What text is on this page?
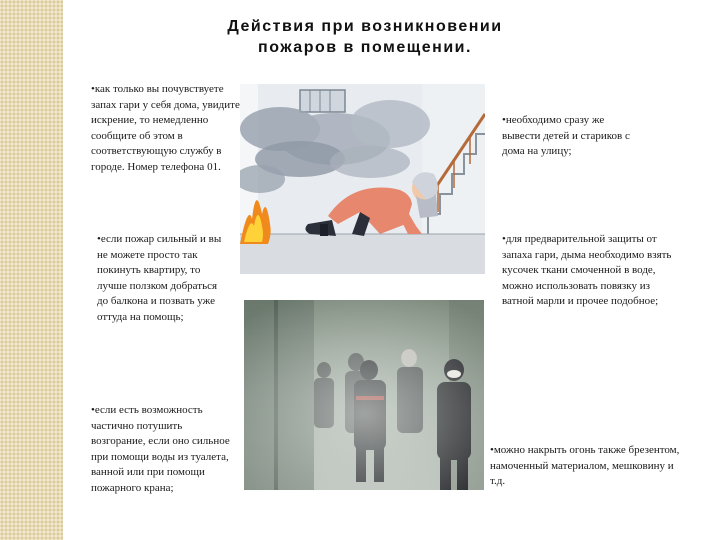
Действия при возникновении
пожаров в помещении.

•как только вы почувствуете запах гари у себя дома, увидите искрение, то немедленно сообщите об этом в соответствующую службу в городе. Номер телефона 01.

•если пожар сильный и вы не можете просто так покинуть квартиру, то лучше ползком добраться до балкона и позвать уже оттуда на помощь;

•если есть возможность частично потушить возгорание, если оно сильное при помощи воды из туалета, ванной или при помощи пожарного крана;

•необходимо сразу же вывести детей и стариков с дома на улицу;

•для предварительной защиты от запаха гари, дыма необходимо взять кусочек ткани смоченной в воде, можно использовать повязку из ватной марли и прочее подобное;

•можно накрыть огонь также брезентом, намоченный материалом, мешковину и т.д.
